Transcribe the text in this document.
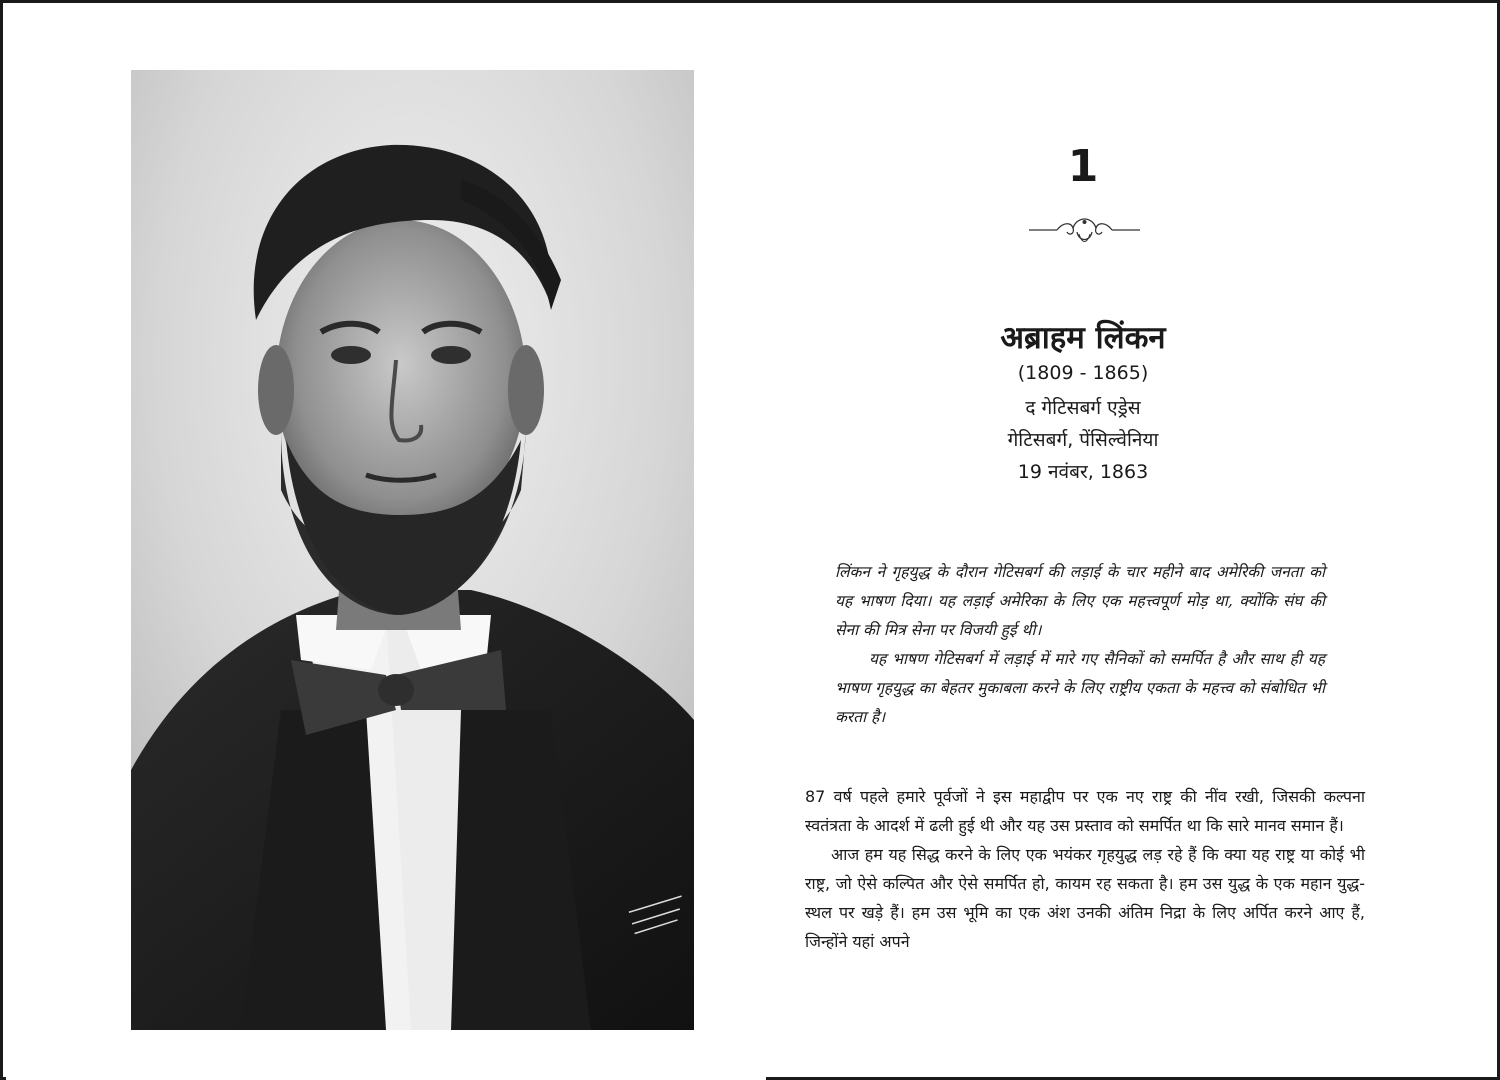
1
अब्राहम लिंकन
(1809 - 1865)
द गेटिसबर्ग एड्रेस
गेटिसबर्ग, पेंसिल्वेनिया
19 नवंबर, 1863

लिंकन ने गृहयुद्ध के दौरान गेटिसबर्ग की लड़ाई के चार महीने बाद अमेरिकी जनता को यह भाषण दिया। यह लड़ाई अमेरिका के लिए एक महत्त्वपूर्ण मोड़ था, क्योंकि संघ की सेना की मित्र सेना पर विजयी हुई थी।

यह भाषण गेटिसबर्ग में लड़ाई में मारे गए सैनिकों को समर्पित है और साथ ही यह भाषण गृहयुद्ध का बेहतर मुकाबला करने के लिए राष्ट्रीय एकता के महत्त्व को संबोधित भी करता है।

87 वर्ष पहले हमारे पूर्वजों ने इस महाद्वीप पर एक नए राष्ट्र की नींव रखी, जिसकी कल्पना स्वतंत्रता के आदर्श में ढली हुई थी और यह उस प्रस्ताव को समर्पित था कि सारे मानव समान हैं।

आज हम यह सिद्ध करने के लिए एक भयंकर गृहयुद्ध लड़ रहे हैं कि क्या यह राष्ट्र या कोई भी राष्ट्र, जो ऐसे कल्पित और ऐसे समर्पित हो, कायम रह सकता है। हम उस युद्ध के एक महान युद्ध-स्थल पर खड़े हैं। हम उस भूमि का एक अंश उनकी अंतिम निद्रा के लिए अर्पित करने आए हैं, जिन्होंने यहां अपने
